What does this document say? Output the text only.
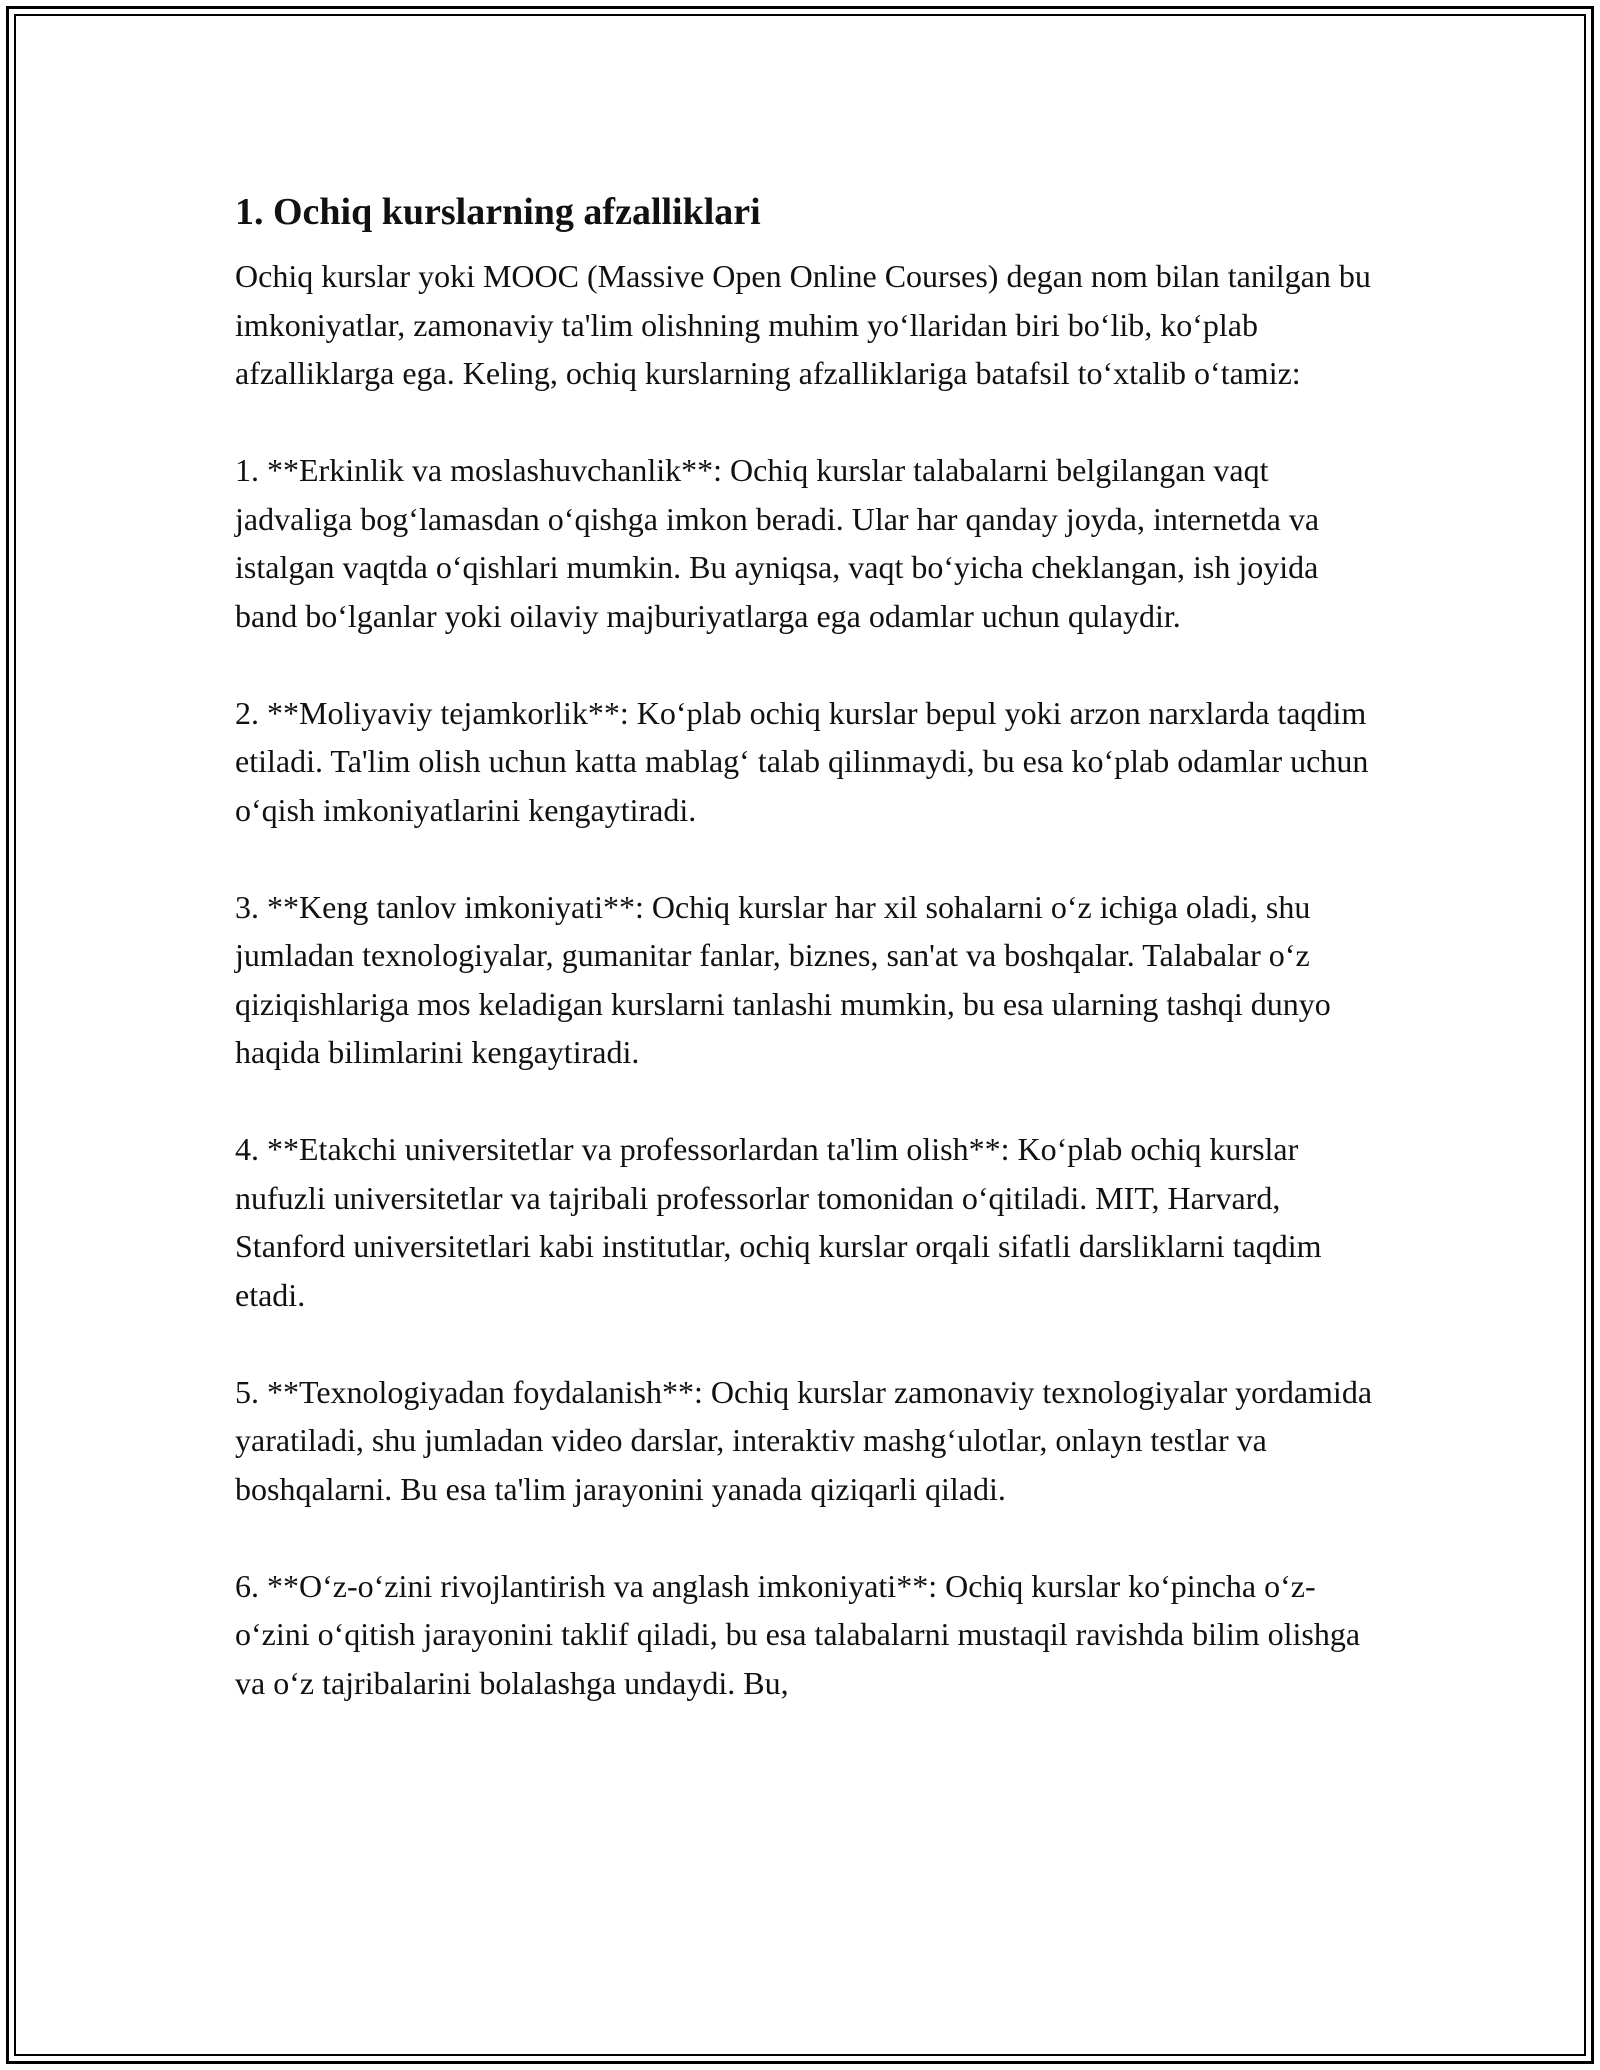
1. Ochiq kurslarning afzalliklari

Ochiq kurslar yoki MOOC (Massive Open Online Courses) degan nom bilan tanilgan bu imkoniyatlar, zamonaviy ta'lim olishning muhim yo‘llaridan biri bo‘lib, ko‘plab afzalliklarga ega. Keling, ochiq kurslarning afzalliklariga batafsil to‘xtalib o‘tamiz:

1. **Erkinlik va moslashuvchanlik**: Ochiq kurslar talabalarni belgilangan vaqt jadvaliga bog‘lamasdan o‘qishga imkon beradi. Ular har qanday joyda, internetda va istalgan vaqtda o‘qishlari mumkin. Bu ayniqsa, vaqt bo‘yicha cheklangan, ish joyida band bo‘lganlar yoki oilaviy majburiyatlarga ega odamlar uchun qulaydir.

2. **Moliyaviy tejamkorlik**: Ko‘plab ochiq kurslar bepul yoki arzon narxlarda taqdim etiladi. Ta'lim olish uchun katta mablag‘ talab qilinmaydi, bu esa ko‘plab odamlar uchun o‘qish imkoniyatlarini kengaytiradi.

3. **Keng tanlov imkoniyati**: Ochiq kurslar har xil sohalarni o‘z ichiga oladi, shu jumladan texnologiyalar, gumanitar fanlar, biznes, san'at va boshqalar. Talabalar o‘z qiziqishlariga mos keladigan kurslarni tanlashi mumkin, bu esa ularning tashqi dunyo haqida bilimlarini kengaytiradi.

4. **Etakchi universitetlar va professorlardan ta'lim olish**: Ko‘plab ochiq kurslar nufuzli universitetlar va tajribali professorlar tomonidan o‘qitiladi. MIT, Harvard, Stanford universitetlari kabi institutlar, ochiq kurslar orqali sifatli darsliklarni taqdim etadi.

5. **Texnologiyadan foydalanish**: Ochiq kurslar zamonaviy texnologiyalar yordamida yaratiladi, shu jumladan video darslar, interaktiv mashg‘ulotlar, onlayn testlar va boshqalarni. Bu esa ta'lim jarayonini yanada qiziqarli qiladi.

6. **O‘z-o‘zini rivojlantirish va anglash imkoniyati**: Ochiq kurslar ko‘pincha o‘z-o‘zini o‘qitish jarayonini taklif qiladi, bu esa talabalarni mustaqil ravishda bilim olishga va o‘z tajribalarini bolalashga undaydi. Bu,
